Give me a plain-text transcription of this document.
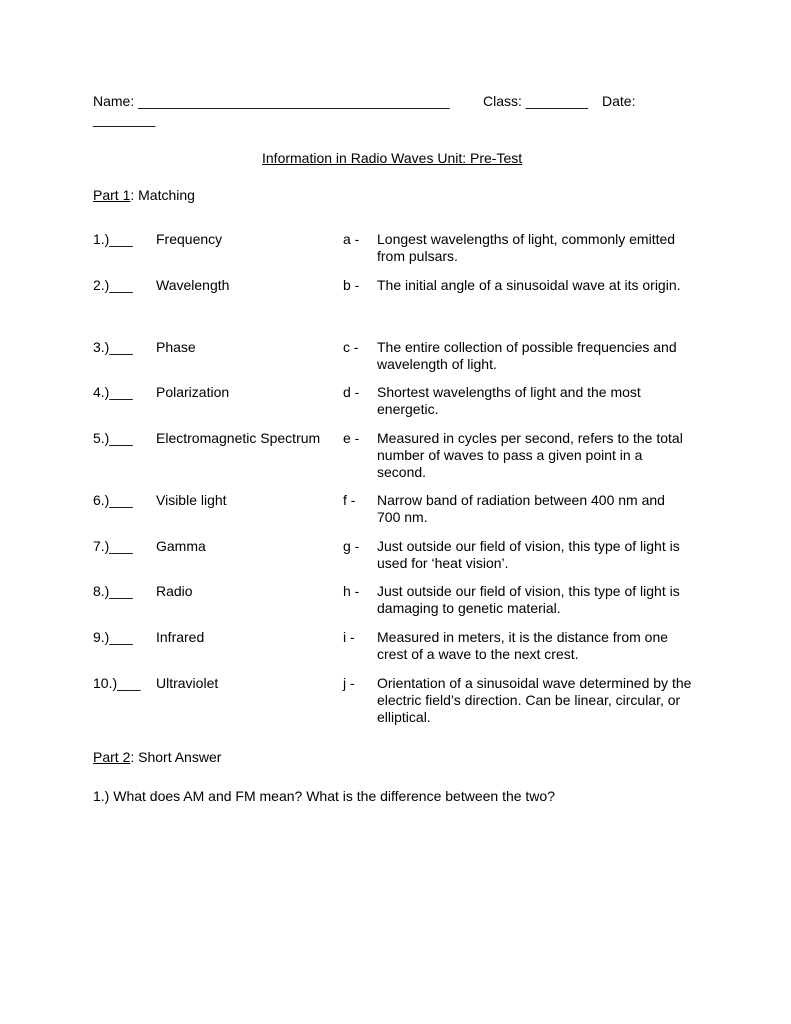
Name: ________________________________________ Class: ________ Date:
________
Information in Radio Waves Unit: Pre-Test
Part 1: Matching
1.)___ Frequency	a - Longest wavelengths of light, commonly emitted from pulsars.
2.)___ Wavelength	b - The initial angle of a sinusoidal wave at its origin.
3.)___ Phase	c - The entire collection of possible frequencies and wavelength of light.
4.)___ Polarization	d - Shortest wavelengths of light and the most energetic.
5.)___ Electromagnetic Spectrum e - Measured in cycles per second, refers to the total number of waves to pass a given point in a second.
6.)___ Visible light	f - Narrow band of radiation between 400 nm and 700 nm.
7.)___ Gamma	g - Just outside our field of vision, this type of light is used for ‘heat vision’.
8.)___ Radio	h - Just outside our field of vision, this type of light is damaging to genetic material.
9.)___ Infrared	i - Measured in meters, it is the distance from one crest of a wave to the next crest.
10.)___ Ultraviolet	j - Orientation of a sinusoidal wave determined by the electric field’s direction. Can be linear, circular, or elliptical.
Part 2: Short Answer
1.) What does AM and FM mean? What is the difference between the two?
